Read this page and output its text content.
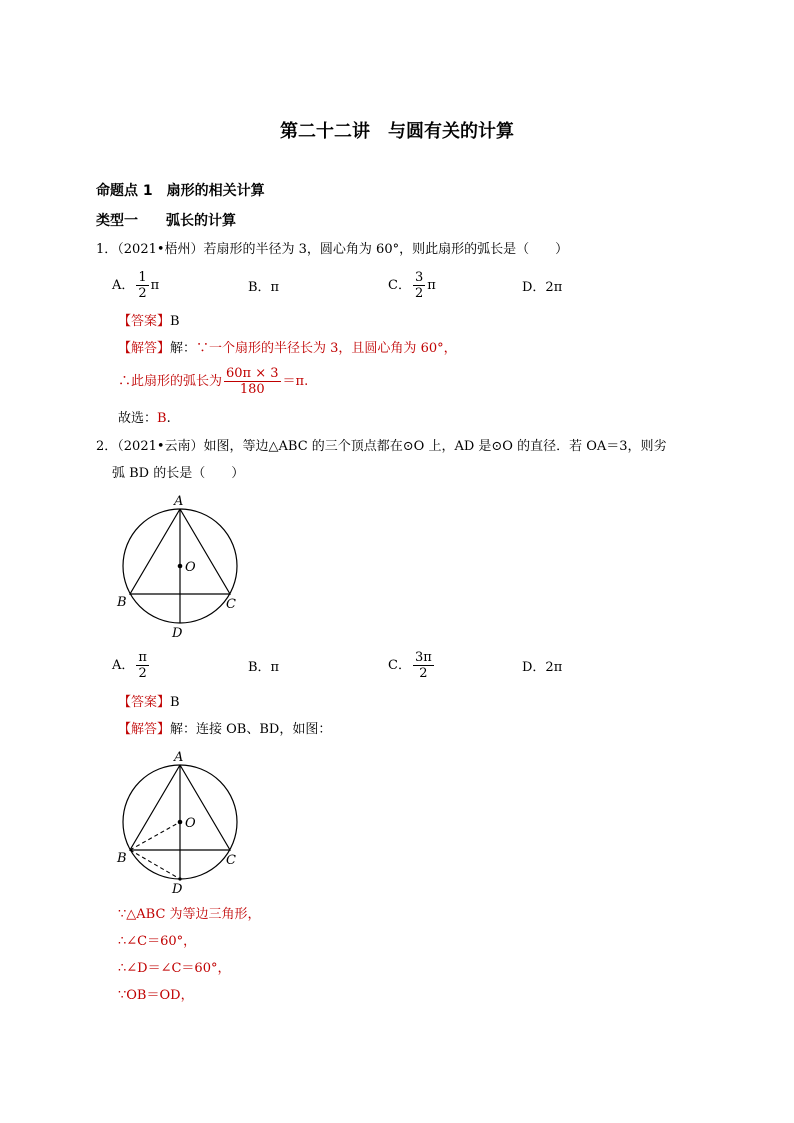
第二十二讲　与圆有关的计算
命题点 1　扇形的相关计算
类型一　　弧长的计算
1．（2021•梧州）若扇形的半径为 3，圆心角为 60°，则此扇形的弧长是（　　）
A． $\frac{1}{2}$ π	B．π	C． $\frac{3}{2}$ π	D．2π
【答案】B
【解答】解：∵一个扇形的半径长为 3，且圆心角为 60°，
∴此扇形的弧长为 $\frac{60\pi \times 3}{180} =\pi$.
故选：B.
2．（2021•云南）如图，等边△ABC 的三个顶点都在⊙O 上，AD 是⊙O 的直径．若 OA＝3，则劣
弧 BD 的长是（　　）
A
O
B	C
D
A． $\frac{\pi}{2}$	B．π	C． $\frac{3\pi}{2}$	D．2π
【答案】B
【解答】解：连接 OB、BD，如图：
A
O
B	C
D
∵△ABC 为等边三角形，
∴∠C＝60°，
∴∠D＝∠C＝60°，
∵OB＝OD，
